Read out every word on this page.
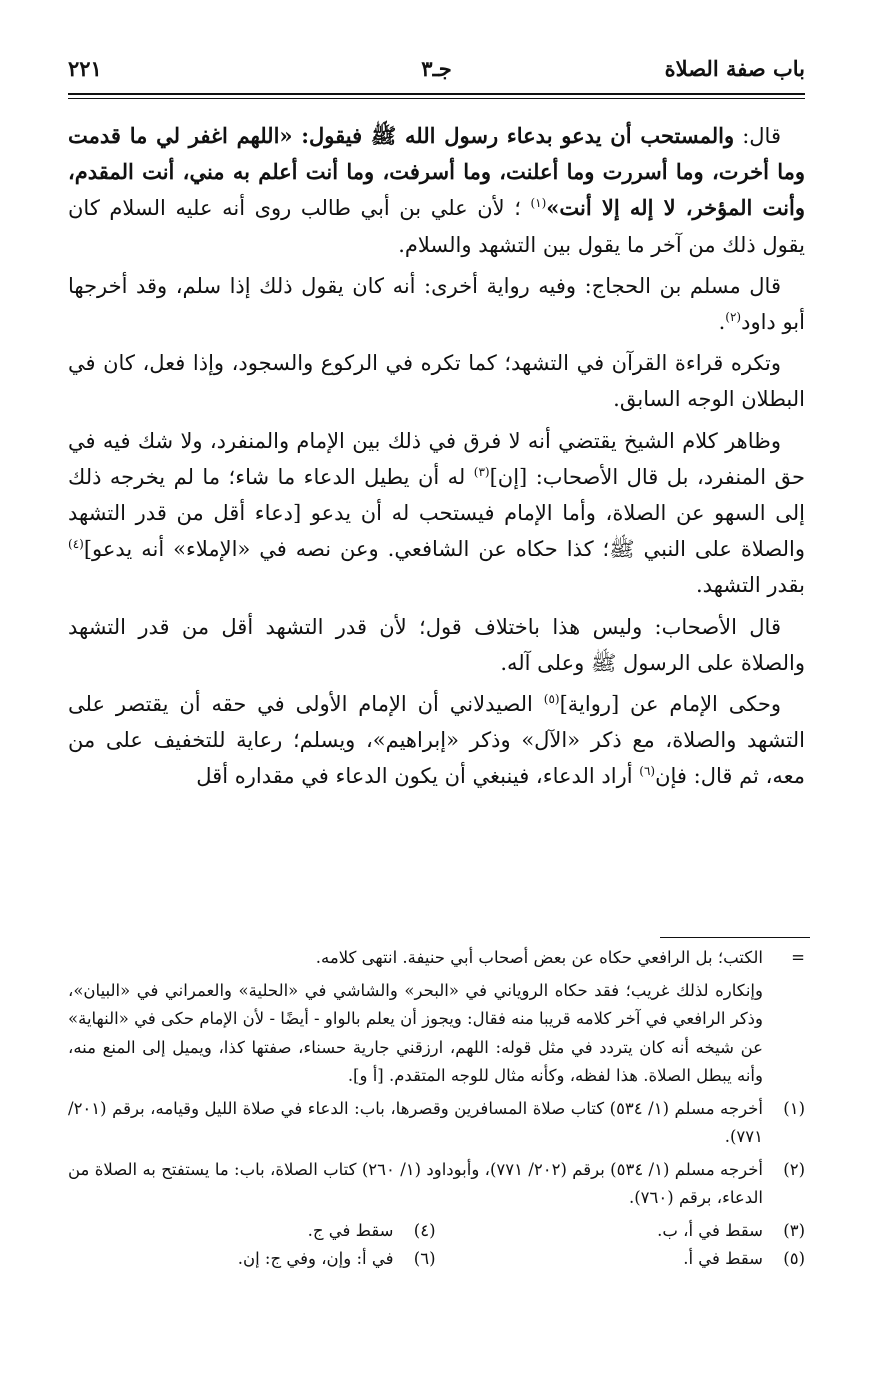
باب صفة الصلاة
جـ٣
٢٢١

قال: والمستحب أن يدعو بدعاء رسول الله ﷺ فيقول: «اللهم اغفر لي ما قدمت وما أخرت، وما أسررت وما أعلنت، وما أسرفت، وما أنت أعلم به مني، أنت المقدم، وأنت المؤخر، لا إله إلا أنت»$^{(١)}$ ؛ لأن علي بن أبي طالب روى أنه عليه السلام كان يقول ذلك من آخر ما يقول بين التشهد والسلام.

قال مسلم بن الحجاج: وفيه رواية أخرى: أنه كان يقول ذلك إذا سلم، وقد أخرجها أبو داود$^{(٢)}$.

وتكره قراءة القرآن في التشهد؛ كما تكره في الركوع والسجود، وإذا فعل، كان في البطلان الوجه السابق.

وظاهر كلام الشيخ يقتضي أنه لا فرق في ذلك بين الإمام والمنفرد، ولا شك فيه في حق المنفرد، بل قال الأصحاب: [إن]$^{(٣)}$ له أن يطيل الدعاء ما شاء؛ ما لم يخرجه ذلك إلى السهو عن الصلاة، وأما الإمام فيستحب له أن يدعو [دعاء أقل من قدر التشهد والصلاة على النبي ﷺ؛ كذا حكاه عن الشافعي. وعن نصه في «الإملاء» أنه يدعو]$^{(٤)}$ بقدر التشهد.

قال الأصحاب: وليس هذا باختلاف قول؛ لأن قدر التشهد أقل من قدر التشهد والصلاة على الرسول ﷺ وعلى آله.

وحكى الإمام عن [رواية]$^{(٥)}$ الصيدلاني أن الإمام الأولى في حقه أن يقتصر على التشهد والصلاة، مع ذكر «الآل» وذكر «إبراهيم»، ويسلم؛ رعاية للتخفيف على من معه، ثم قال: فإن$^{(٦)}$ أراد الدعاء، فينبغي أن يكون الدعاء في مقداره أقل

=
الكتب؛ بل الرافعي حكاه عن بعض أصحاب أبي حنيفة. انتهى كلامه.
وإنكاره لذلك غريب؛ فقد حكاه الروياني في «البحر» والشاشي في «الحلية» والعمراني في «البيان»، وذكر الرافعي في آخر كلامه قريبا منه فقال: ويجوز أن يعلم بالواو - أيضًا - لأن الإمام حكى في «النهاية» عن شيخه أنه كان يتردد في مثل قوله: اللهم، ارزقني جارية حسناء، صفتها كذا، ويميل إلى المنع منه، وأنه يبطل الصلاة. هذا لفظه، وكأنه مثال للوجه المتقدم. [أ و].
(١)
أخرجه مسلم (١/ ٥٣٤) كتاب صلاة المسافرين وقصرها، باب: الدعاء في صلاة الليل وقيامه، برقم (٢٠١/ ٧٧١).
(٢)
أخرجه مسلم (١/ ٥٣٤) برقم (٢٠٢/ ٧٧١)، وأبوداود (١/ ٢٦٠) كتاب الصلاة، باب: ما يستفتح به الصلاة من الدعاء، برقم (٧٦٠).
(٣)
سقط في أ، ب.
(٤)
سقط في ج.
(٥)
سقط في أ.
(٦)
في أ: وإن، وفي ج: إن.
